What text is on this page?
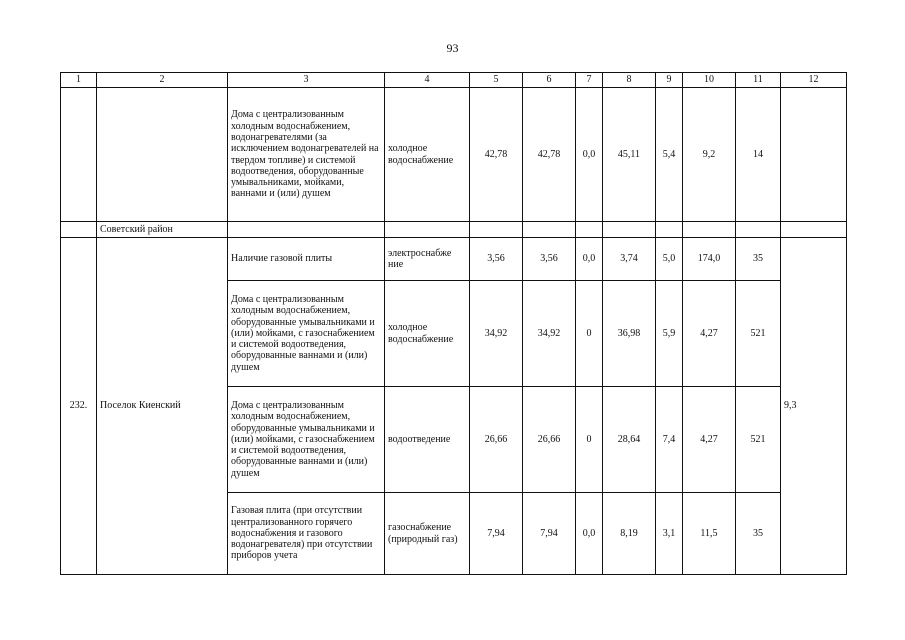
93
1	2	3	4	5	6	7	8	9	10	11	12
		Дома с централизованным холодным водоснабжением, водонагревателями (за исключением водонагревателей на твердом топливе) и системой водоотведения, оборудованные умывальниками, мойками, ваннами и (или) душем	холодное водоснабжение	42,78	42,78	0,0	45,11	5,4	9,2	14	
	Советский район										
232.	Поселок Киенский	Наличие газовой плиты	электроснабже ние	3,56	3,56	0,0	3,74	5,0	174,0	35	9,3
		Дома с централизованным холодным водоснабжением, оборудованные умывальниками и (или) мойками, с газоснабжением и системой водоотведения, оборудованные ваннами и (или) душем	холодное водоснабжение	34,92	34,92	0	36,98	5,9	4,27	521	
		Дома с централизованным холодным водоснабжением, оборудованные умывальниками и (или) мойками, с газоснабжением и системой водоотведения, оборудованные ваннами и (или) душем	водоотведение	26,66	26,66	0	28,64	7,4	4,27	521	
		Газовая плита (при отсутствии централизованного горячего водоснабжения и газового водонагревателя) при отсутствии приборов учета	газоснабжение (природный газ)	7,94	7,94	0,0	8,19	3,1	11,5	35	
